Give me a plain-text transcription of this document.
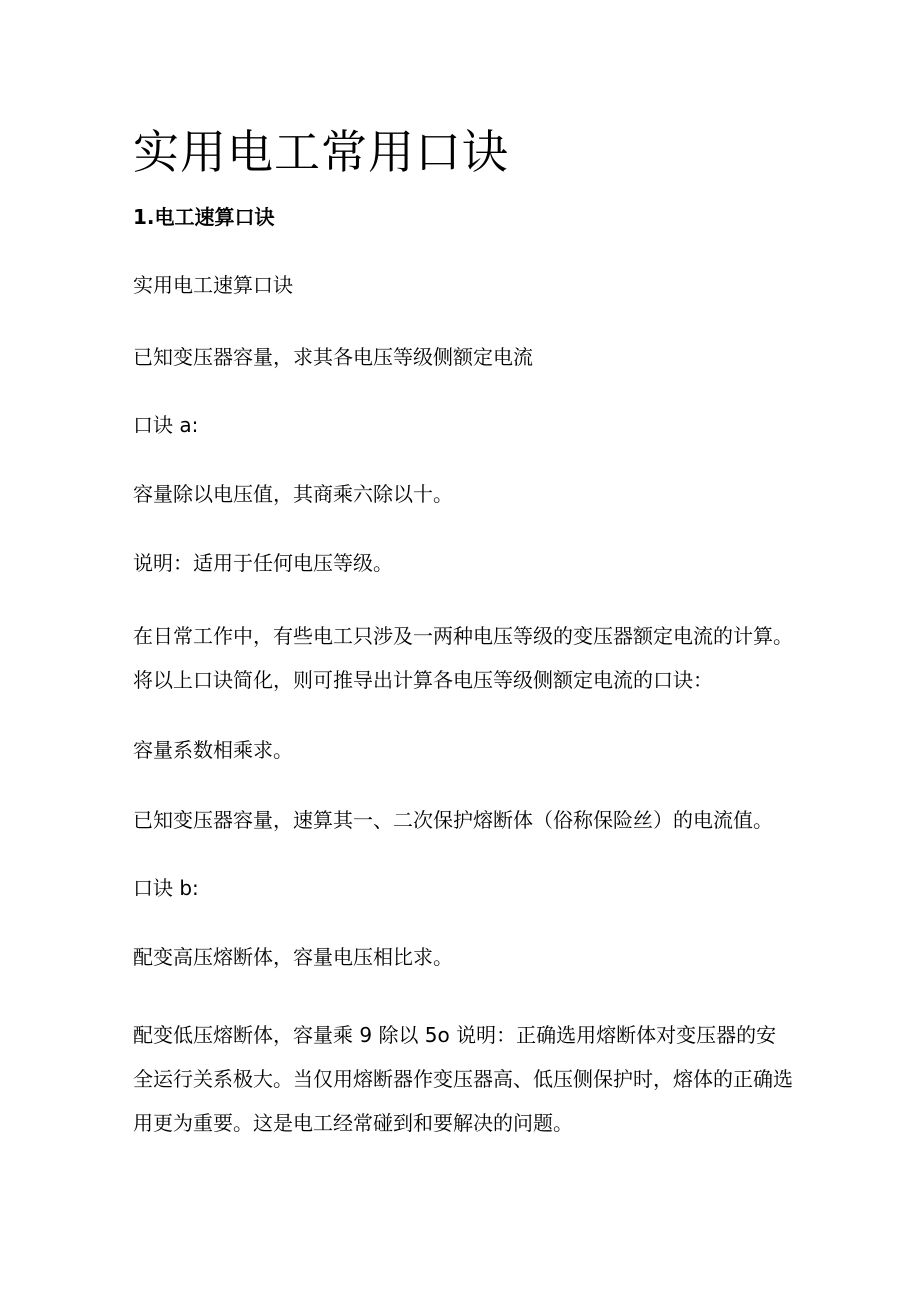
实用电工常用口诀
1.电工速算口诀

实用电工速算口诀

已知变压器容量，求其各电压等级侧额定电流

口诀 a:

容量除以电压值，其商乘六除以十。

说明：适用于任何电压等级。

在日常工作中，有些电工只涉及一两种电压等级的变压器额定电流的计算。将以上口诀简化，则可推导出计算各电压等级侧额定电流的口诀：

容量系数相乘求。

已知变压器容量，速算其一、二次保护熔断体（俗称保险丝）的电流值。

口诀 b:

配变高压熔断体，容量电压相比求。

配变低压熔断体，容量乘 9 除以 5o 说明：正确选用熔断体对变压器的安全运行关系极大。当仅用熔断器作变压器高、低压侧保护时，熔体的正确选用更为重要。这是电工经常碰到和要解决的问题。
